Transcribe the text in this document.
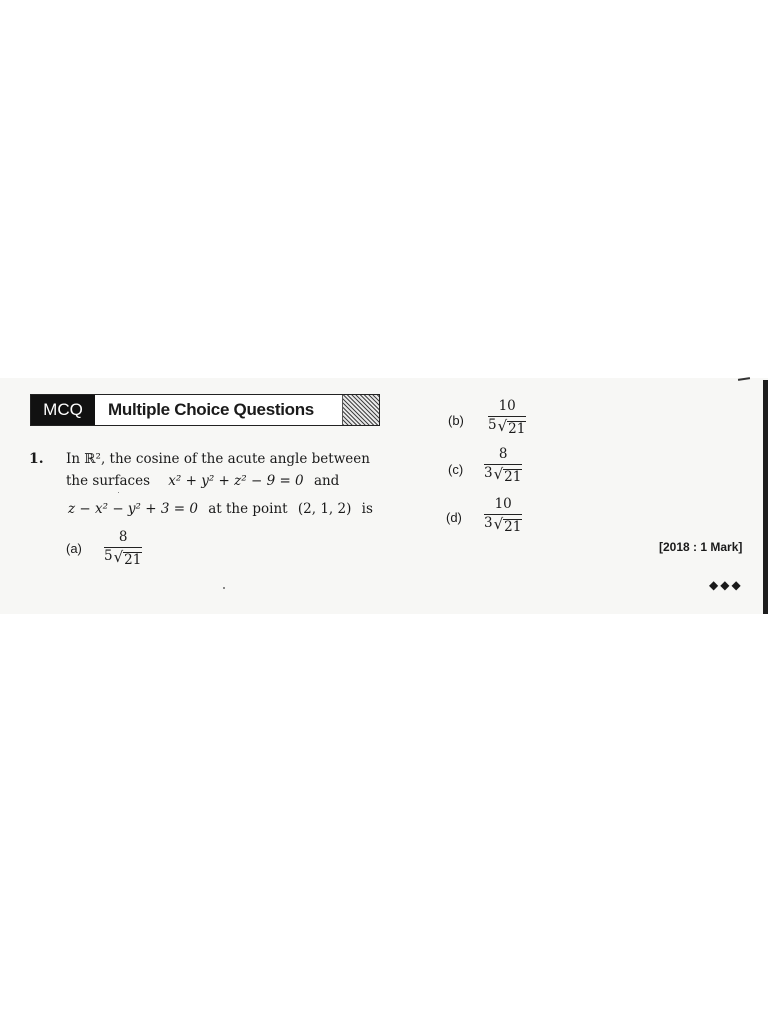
MCQ	Multiple Choice Questions
1. In ℝ², the cosine of the acute angle between
the surfaces x² + y² + z² − 9 = 0 and
z − x² − y² + 3 = 0 at the point (2, 1, 2) is
(a)
8
5 √ 21
(b)
10
5 √ 21
(c)
8
3 √ 21
(d)
10
3 √ 21
[2018 : 1 Mark]
◆◆◆
